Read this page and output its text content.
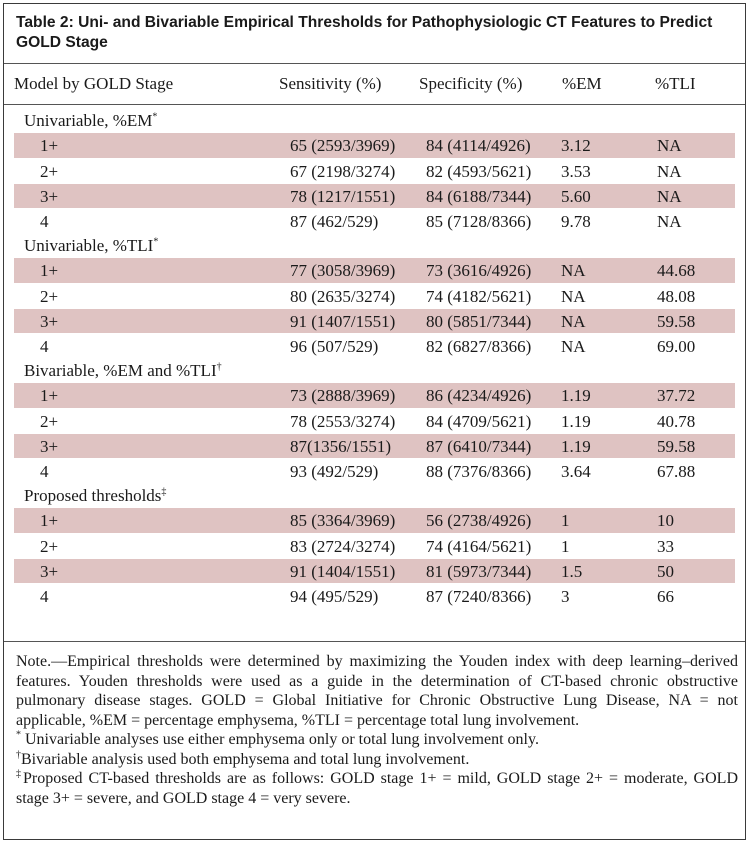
Table 2: Uni- and Bivariable Empirical Thresholds for Pathophysiologic CT Features to Predict GOLD Stage
Model by GOLD Stage	Sensitivity (%) Specificity (%) %EM	%TLI
Univariable, %EM*
1+	65 (2593/3969) 84 (4114/4926) 3.12	NA
2+	67 (2198/3274) 82 (4593/5621) 3.53	NA
3+	78 (1217/1551) 84 (6188/7344) 5.60	NA
4	87 (462/529)	85 (7128/8366) 9.78	NA
Univariable, %TLI*
1+	77 (3058/3969) 73 (3616/4926) NA	44.68
2+	80 (2635/3274) 74 (4182/5621) NA	48.08
3+	91 (1407/1551) 80 (5851/7344) NA	59.58
4	96 (507/529)	82 (6827/8366) NA	69.00
Bivariable, %EM and %TLI†
1+	73 (2888/3969) 86 (4234/4926) 1.19	37.72
2+	78 (2553/3274) 84 (4709/5621) 1.19	40.78
3+	87(1356/1551) 87 (6410/7344) 1.19	59.58
4	93 (492/529)	88 (7376/8366) 3.64	67.88
Proposed thresholds‡
1+	85 (3364/3969) 56 (2738/4926) 1	10
2+	83 (2724/3274) 74 (4164/5621) 1	33
3+	91 (1404/1551) 81 (5973/7344) 1.5	50
4	94 (495/529)	87 (7240/8366) 3	66

Note.—Empirical thresholds were determined by maximizing the Youden index with deep learning–derived features. Youden thresholds were used as a guide in the determination of CT-based chronic obstructive pulmonary disease stages. GOLD = Global Initiative for Chronic Obstructive Lung Disease, NA = not applicable, %EM = percentage emphysema, %TLI = percentage total lung involvement.

* Univariable analyses use either emphysema only or total lung involvement only.

†Bivariable analysis used both emphysema and total lung involvement.

‡Proposed CT-based thresholds are as follows: GOLD stage 1+ = mild, GOLD stage 2+ = moderate, GOLD stage 3+ = severe, and GOLD stage 4 = very severe.
